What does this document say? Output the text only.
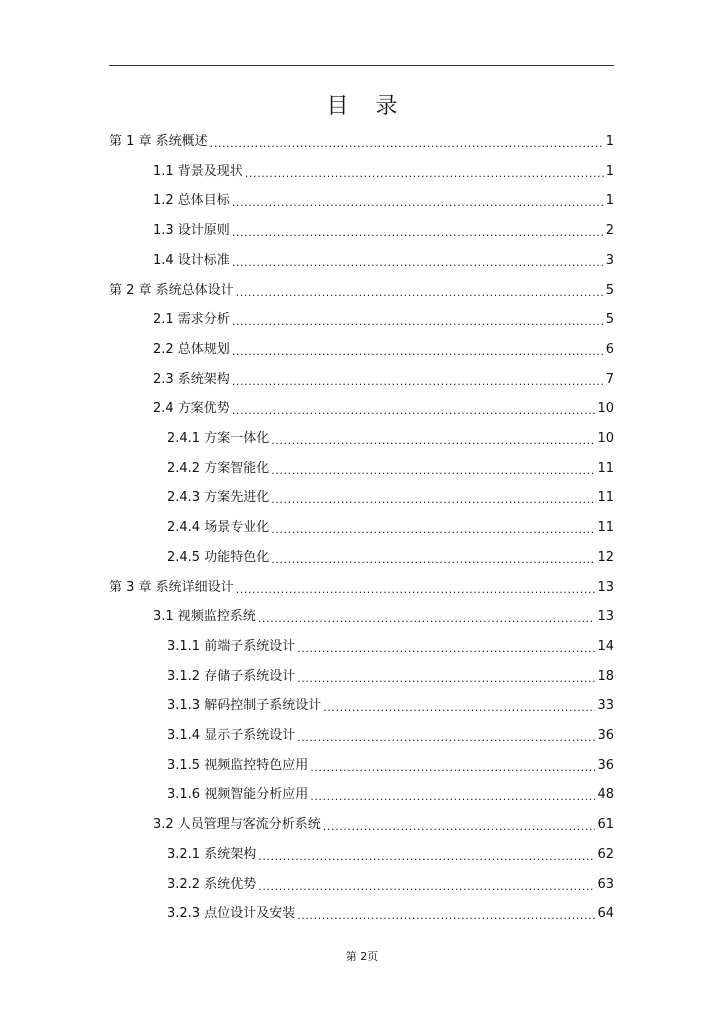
目 录
第 1 章 系统概述 .....	1
1.1 背景及现状 .....	1
1.2 总体目标 .....	1
1.3 设计原则 .....	2
1.4 设计标准 .....	3
第 2 章 系统总体设计 .....	5
2.1 需求分析 .....	5
2.2 总体规划 .....	6
2.3 系统架构 .....	7
2.4 方案优势 .....	10
2.4.1 方案一体化 .....	10
2.4.2 方案智能化 .....	11
2.4.3 方案先进化 .....	11
2.4.4 场景专业化 .....	11
2.4.5 功能特色化 .....	12
第 3 章 系统详细设计 .....	13
3.1 视频监控系统 .....	13
3.1.1 前端子系统设计 .....	14
3.1.2 存储子系统设计 .....	18
3.1.3 解码控制子系统设计 .....	33
3.1.4 显示子系统设计 .....	36
3.1.5 视频监控特色应用 .....	36
3.1.6 视频智能分析应用 .....	48
3.2 人员管理与客流分析系统 .....	61
3.2.1 系统架构 .....	62
3.2.2 系统优势 .....	63
3.2.3 点位设计及安装 .....	64
第 2页
